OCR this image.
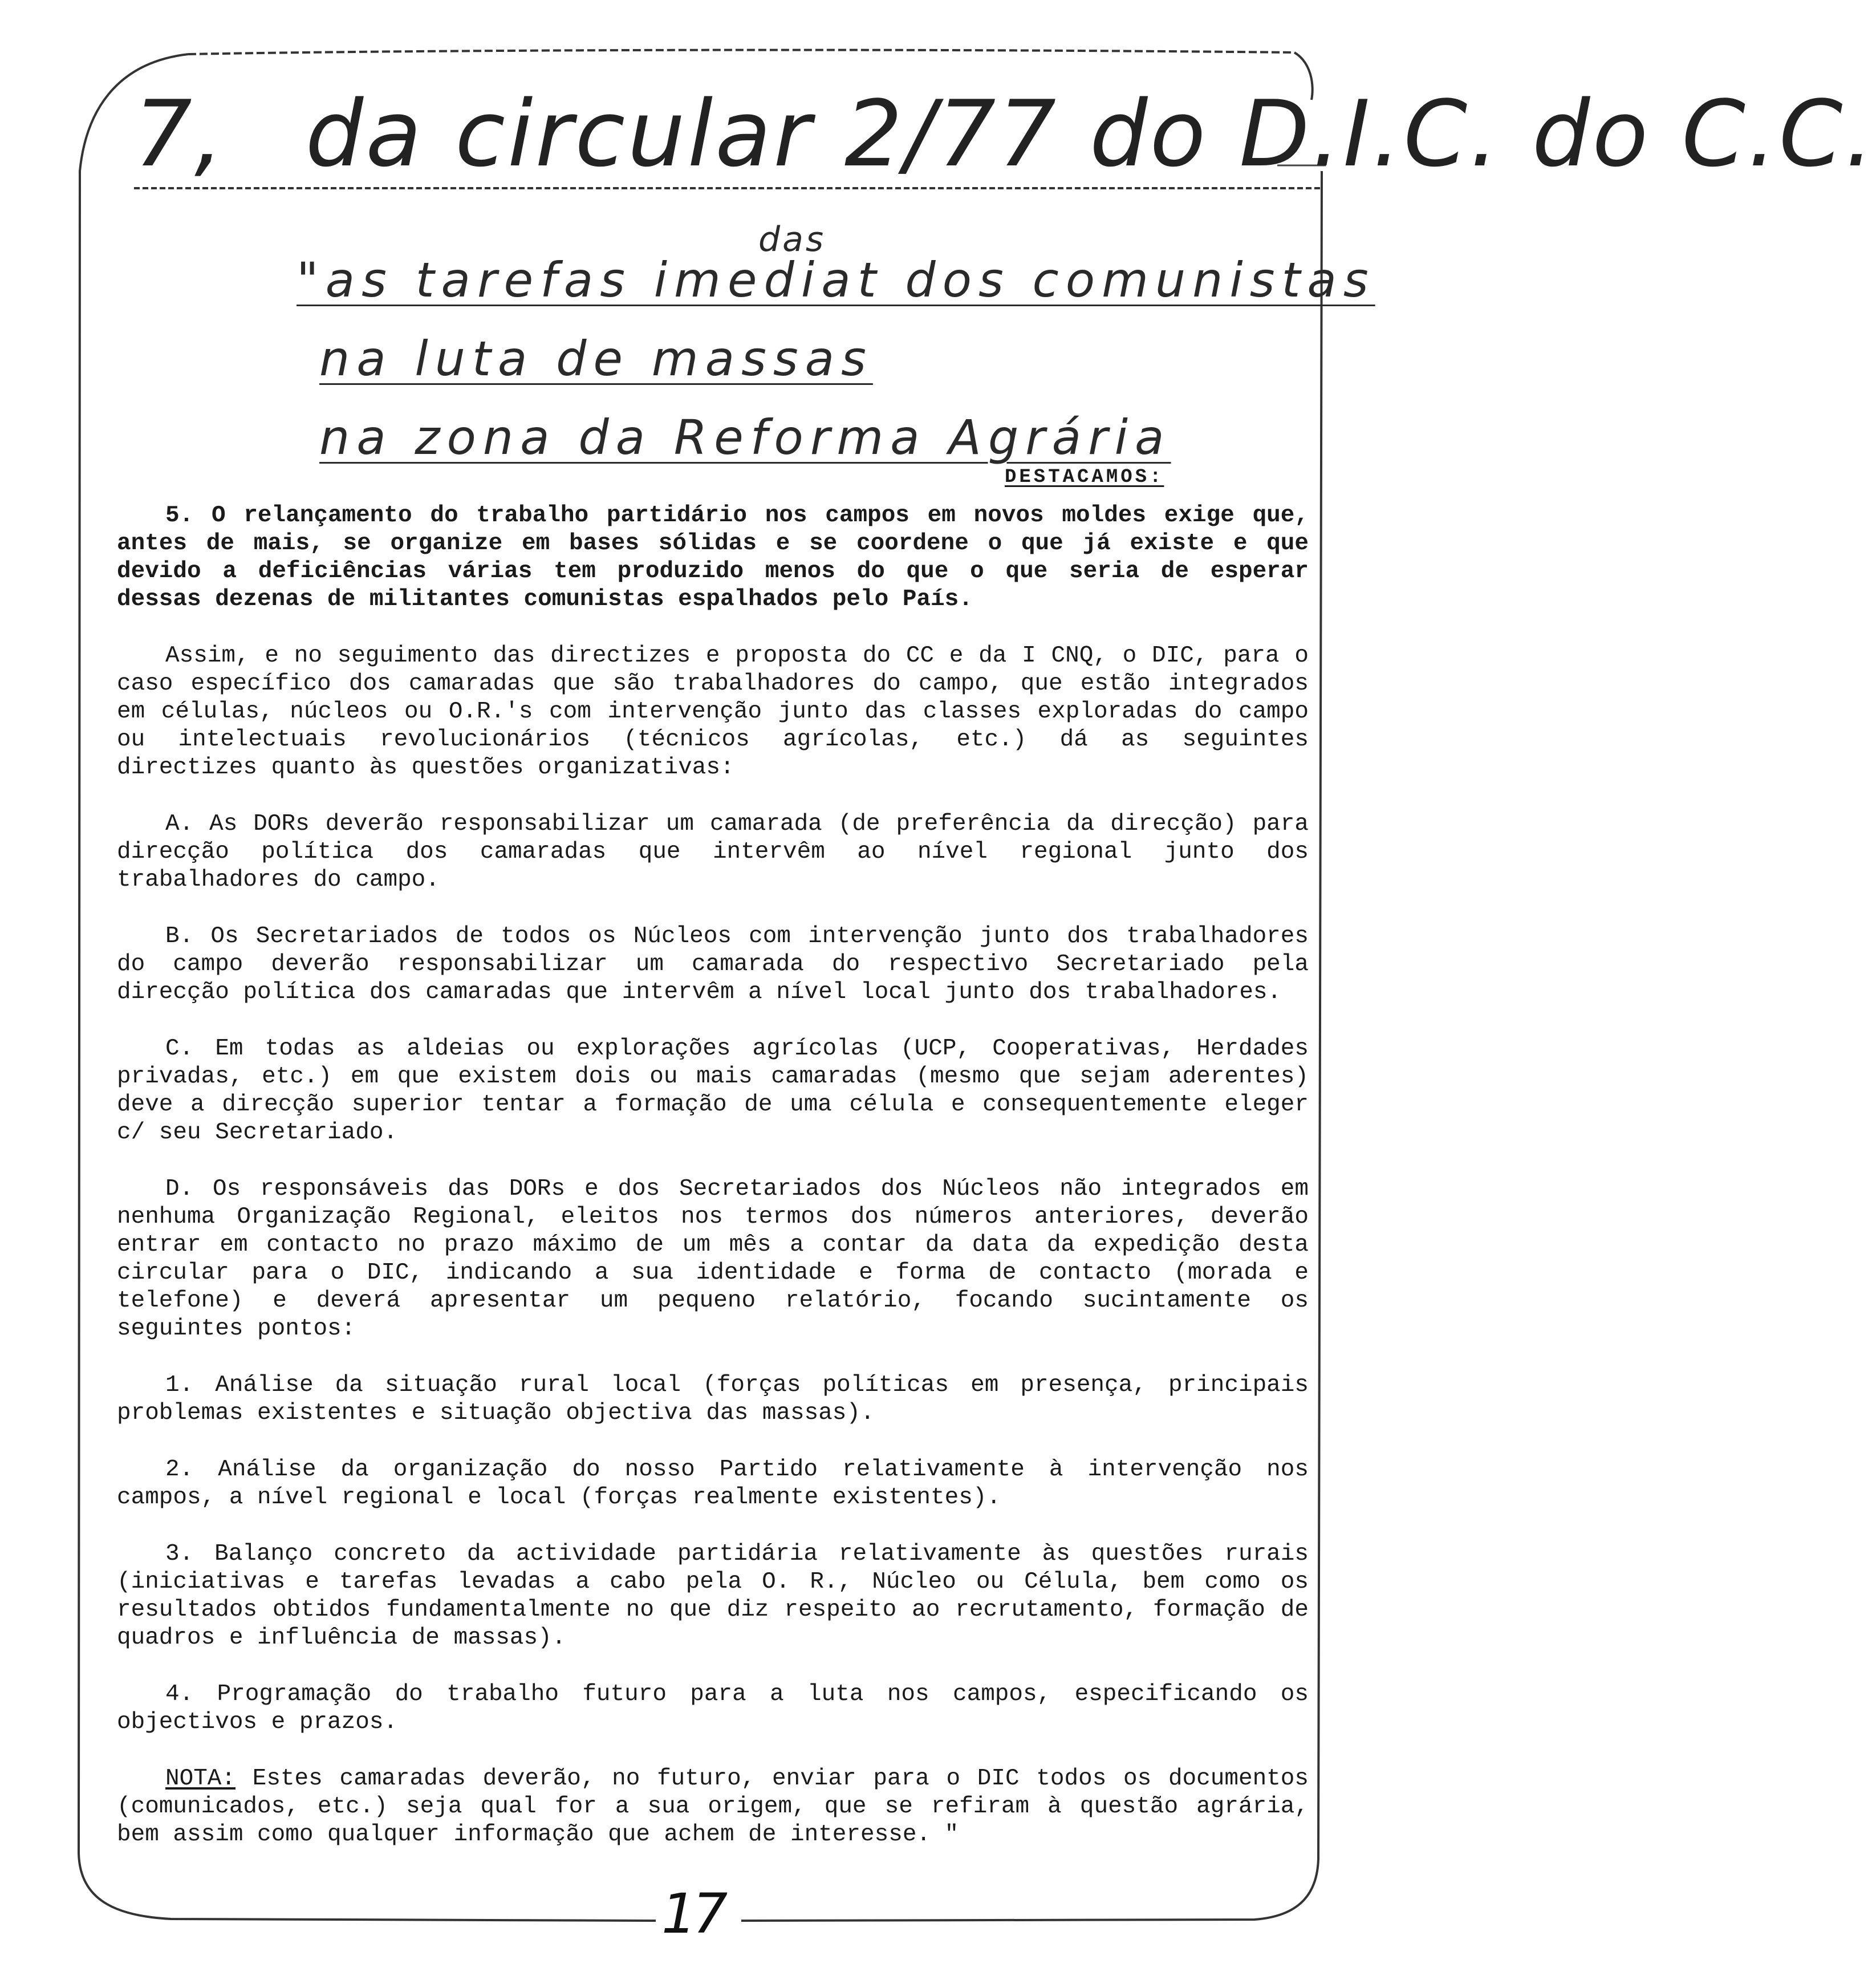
7, da circular 2/77 do D.I.C. do C.C.
das
"as tarefas imediat dos comunistas
na luta de massas
na zona da Reforma Agrária
DESTACAMOS:

5. O relançamento do trabalho partidário nos campos em novos moldes exige que, antes de mais, se organize em bases sólidas e se coordene o que já existe e que devido a deficiências várias tem produzido menos do que o que seria de esperar dessas dezenas de militantes comunistas espalhados pelo País.

Assim, e no seguimento das directizes e proposta do CC e da I CNQ, o DIC, para o caso específico dos camaradas que são trabalhadores do campo, que estão integrados em células, núcleos ou O.R.'s com intervenção junto das classes exploradas do campo ou intelectuais revolucionários (técnicos agrícolas, etc.) dá as seguintes directizes quanto às questões organizativas:

A. As DORs deverão responsabilizar um camarada (de preferência da direcção) para direcção política dos camaradas que intervêm ao nível regional junto dos trabalhadores do campo.

B. Os Secretariados de todos os Núcleos com intervenção junto dos trabalhadores do campo deverão responsabilizar um camarada do respectivo Secretariado pela direcção política dos camaradas que intervêm a nível local junto dos trabalhadores.

C. Em todas as aldeias ou explorações agrícolas (UCP, Cooperativas, Herdades privadas, etc.) em que existem dois ou mais camaradas (mesmo que sejam aderentes) deve a direcção superior tentar a formação de uma célula e consequentemente eleger c/ seu Secretariado.

D. Os responsáveis das DORs e dos Secretariados dos Núcleos não integrados em nenhuma Organização Regional, eleitos nos termos dos números anteriores, deverão entrar em contacto no prazo máximo de um mês a contar da data da expedição desta circular para o DIC, indicando a sua identidade e forma de contacto (morada e telefone) e deverá apresentar um pequeno relatório, focando sucintamente os seguintes pontos:

1. Análise da situação rural local (forças políticas em presença, principais problemas existentes e situação objectiva das massas).

2. Análise da organização do nosso Partido relativamente à intervenção nos campos, a nível regional e local (forças realmente existentes).

3. Balanço concreto da actividade partidária relativamente às questões rurais (iniciativas e tarefas levadas a cabo pela O. R., Núcleo ou Célula, bem como os resultados obtidos fundamentalmente no que diz respeito ao recrutamento, formação de quadros e influência de massas).

4. Programação do trabalho futuro para a luta nos campos, especificando os objectivos e prazos.

NOTA: Estes camaradas deverão, no futuro, enviar para o DIC todos os documentos (comunicados, etc.) seja qual for a sua origem, que se refiram à questão agrária, bem assim como qualquer informação que achem de interesse. "

17
